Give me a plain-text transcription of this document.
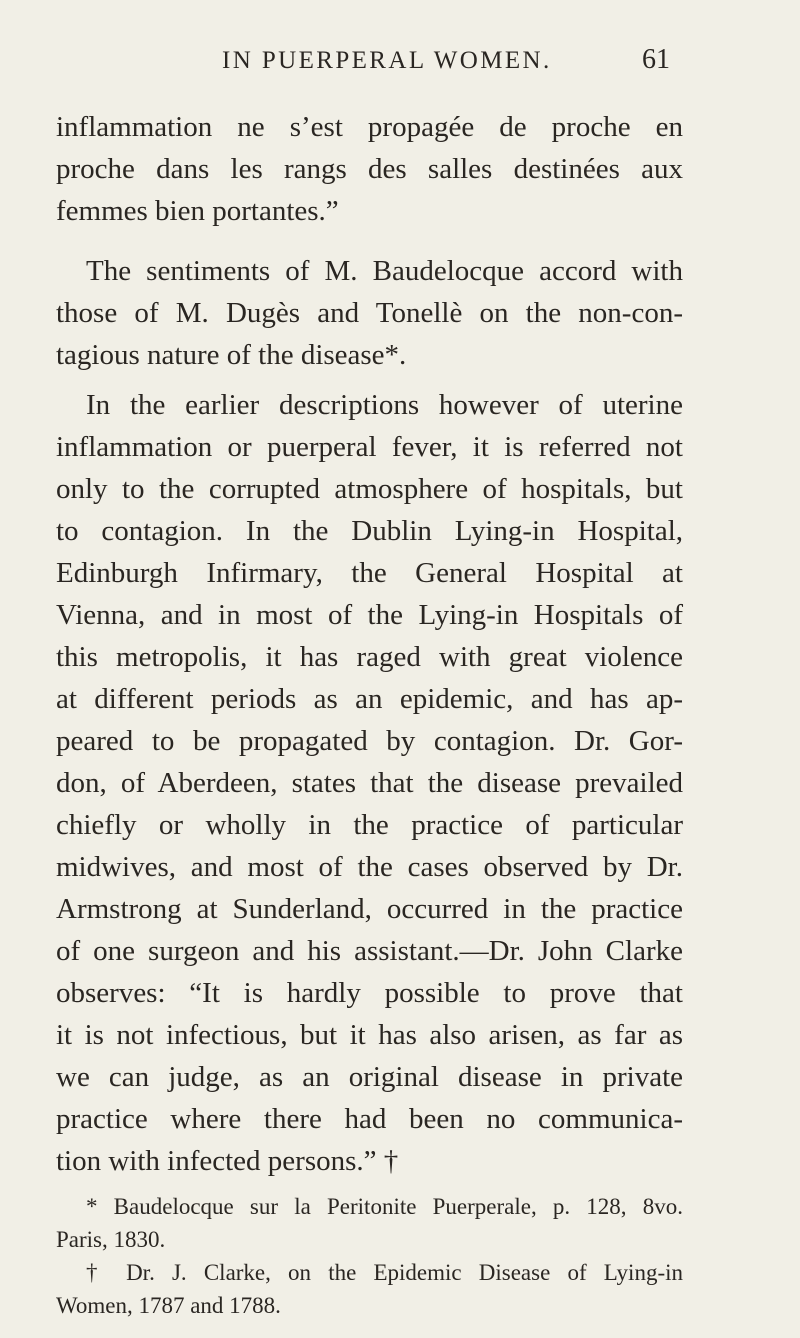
IN PUERPERAL WOMEN.	61
inflammation ne s’est propagée de proche en
proche dans les rangs des salles destinées aux
femmes bien portantes.”
The sentiments of M. Baudelocque accord with
those of M. Dugès and Tonellè on the non-con-
tagious nature of the disease*.
In the earlier descriptions however of uterine
inflammation or puerperal fever, it is referred not
only to the corrupted atmosphere of hospitals, but
to contagion. In the Dublin Lying-in Hospital,
Edinburgh Infirmary, the General Hospital at
Vienna, and in most of the Lying-in Hospitals of
this metropolis, it has raged with great violence
at different periods as an epidemic, and has ap-
peared to be propagated by contagion. Dr. Gor-
don, of Aberdeen, states that the disease prevailed
chiefly or wholly in the practice of particular
midwives, and most of the cases observed by Dr.
Armstrong at Sunderland, occurred in the practice
of one surgeon and his assistant.—Dr. John Clarke
observes: “It is hardly possible to prove that
it is not infectious, but it has also arisen, as far as
we can judge, as an original disease in private
practice where there had been no communica-
tion with infected persons.” †
* Baudelocque sur la Peritonite Puerperale, p. 128, 8vo.
Paris, 1830.
† Dr. J. Clarke, on the Epidemic Disease of Lying-in
Women, 1787 and 1788.
